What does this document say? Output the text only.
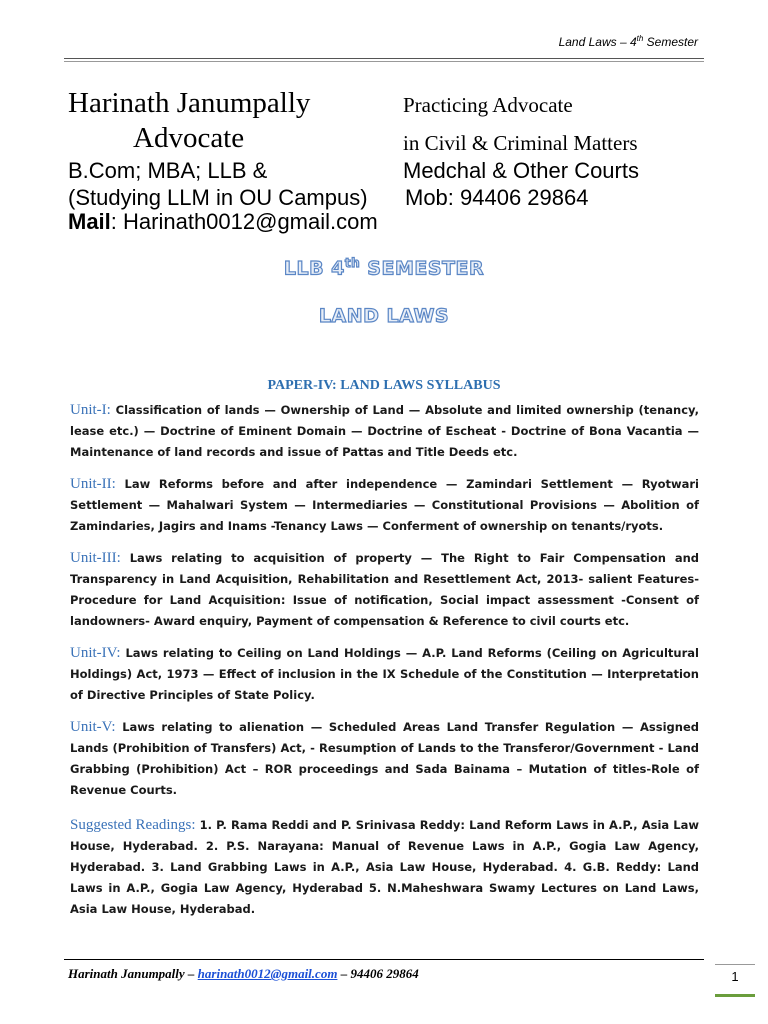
Land Laws – 4th Semester
Harinath Janumpally
Advocate
Practicing Advocate
in Civil & Criminal Matters
B.Com; MBA; LLB &	Medchal & Other Courts
(Studying LLM in OU Campus) Mob: 94406 29864
Mail: Harinath0012@gmail.com
LLB 4th SEMESTER
LAND LAWS
PAPER-IV: LAND LAWS SYLLABUS
Unit-I: Classification of lands — Ownership of Land — Absolute and limited ownership (tenancy, lease etc.) — Doctrine of Eminent Domain — Doctrine of Escheat - Doctrine of Bona Vacantia — Maintenance of land records and issue of Pattas and Title Deeds etc.
Unit-II: Law Reforms before and after independence — Zamindari Settlement — Ryotwari Settlement — Mahalwari System — Intermediaries — Constitutional Provisions — Abolition of Zamindaries, Jagirs and Inams -Tenancy Laws — Conferment of ownership on tenants/ryots.
Unit-III: Laws relating to acquisition of property — The Right to Fair Compensation and Transparency in Land Acquisition, Rehabilitation and Resettlement Act, 2013- salient Features-Procedure for Land Acquisition: Issue of notification, Social impact assessment -Consent of landowners- Award enquiry, Payment of compensation & Reference to civil courts etc.
Unit-IV: Laws relating to Ceiling on Land Holdings — A.P. Land Reforms (Ceiling on Agricultural Holdings) Act, 1973 — Effect of inclusion in the IX Schedule of the Constitution — Interpretation of Directive Principles of State Policy.
Unit-V: Laws relating to alienation — Scheduled Areas Land Transfer Regulation — Assigned Lands (Prohibition of Transfers) Act, - Resumption of Lands to the Transferor/Government - Land Grabbing (Prohibition) Act – ROR proceedings and Sada Bainama – Mutation of titles-Role of Revenue Courts.
Suggested Readings: 1. P. Rama Reddi and P. Srinivasa Reddy: Land Reform Laws in A.P., Asia Law House, Hyderabad. 2. P.S. Narayana: Manual of Revenue Laws in A.P., Gogia Law Agency, Hyderabad. 3. Land Grabbing Laws in A.P., Asia Law House, Hyderabad. 4. G.B. Reddy: Land Laws in A.P., Gogia Law Agency, Hyderabad 5. N.Maheshwara Swamy Lectures on Land Laws, Asia Law House, Hyderabad.
Harinath Janumpally – harinath0012@gmail.com – 94406 29864	1
